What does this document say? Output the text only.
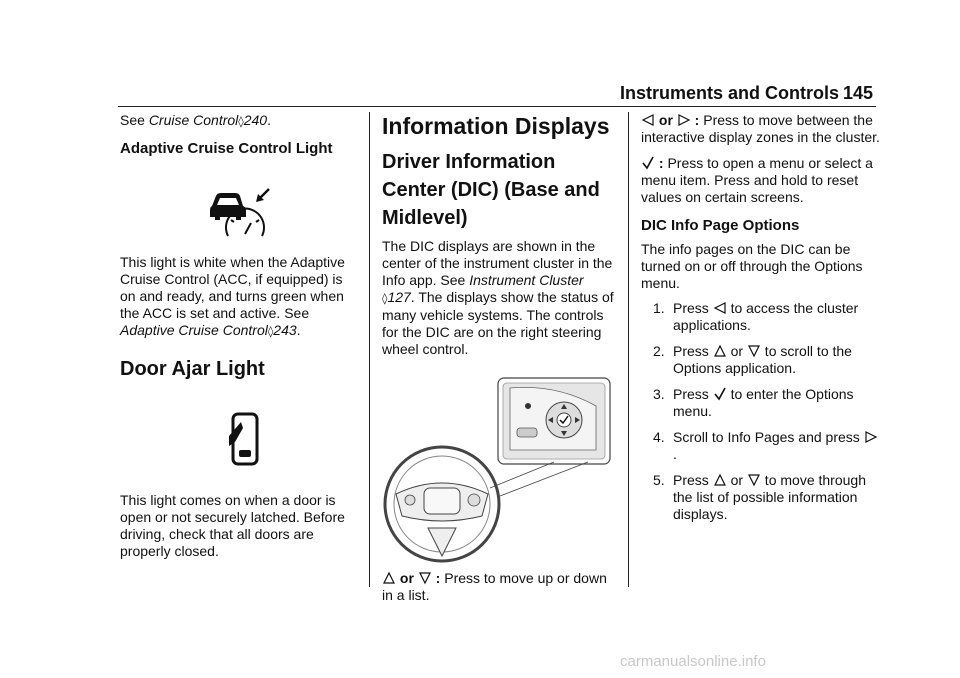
Instruments and Controls 145

See Cruise Control◊240.

Adaptive Cruise Control Light

This light is white when the Adaptive Cruise Control (ACC, if equipped) is on and ready, and turns green when the ACC is set and active. See Adaptive Cruise Control◊243.

Door Ajar Light

This light comes on when a door is open or not securely latched. Before driving, check that all doors are properly closed.

Information Displays
Driver Information Center (DIC) (Base and Midlevel)

The DIC displays are shown in the center of the instrument cluster in the Info app. See Instrument Cluster
◊127. The displays show the status of many vehicle systems. The controls for the DIC are on the right steering wheel control.

or
: Press to move up or down in a list.

or
: Press to move between the interactive display zones in the cluster.

: Press to open a menu or select a menu item. Press and hold to reset values on certain screens.

DIC Info Page Options

The info pages on the DIC can be turned on or off through the Options menu.

1. Press
to access the cluster applications.
2. Press
or
to scroll to the Options application.
3. Press
to enter the Options menu.
4. Scroll to Info Pages and press
.
5. Press
or
to move through the list of possible information displays.
carmanualsonline.info
